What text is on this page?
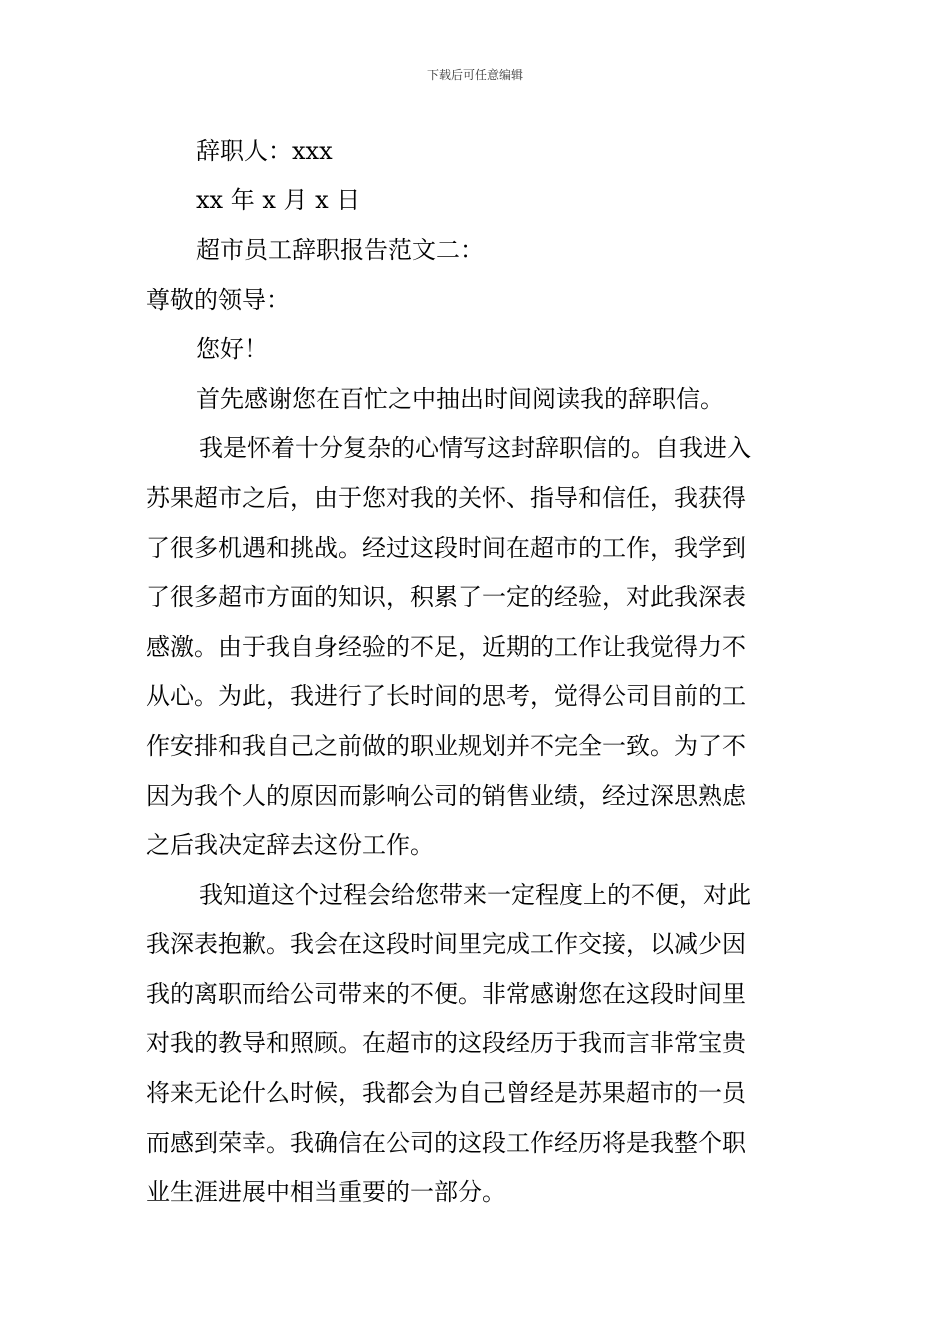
下载后可任意编辑
辞职人：xxx
xx 年 x 月 x 日
超市员工辞职报告范文二：
尊敬的领导：
您好！
首先感谢您在百忙之中抽出时间阅读我的辞职信。
我是怀着十分复杂的心情写这封辞职信的。自我进入
苏果超市之后，由于您对我的关怀、指导和信任，我获得
了很多机遇和挑战。经过这段时间在超市的工作，我学到
了很多超市方面的知识，积累了一定的经验，对此我深表
感激。由于我自身经验的不足，近期的工作让我觉得力不
从心。为此，我进行了长时间的思考，觉得公司目前的工
作安排和我自己之前做的职业规划并不完全一致。为了不
因为我个人的原因而影响公司的销售业绩，经过深思熟虑
之后我决定辞去这份工作。
我知道这个过程会给您带来一定程度上的不便，对此
我深表抱歉。我会在这段时间里完成工作交接，以减少因
我的离职而给公司带来的不便。非常感谢您在这段时间里
对我的教导和照顾。在超市的这段经历于我而言非常宝贵
将来无论什么时候，我都会为自己曾经是苏果超市的一员
而感到荣幸。我确信在公司的这段工作经历将是我整个职
业生涯进展中相当重要的一部分。
